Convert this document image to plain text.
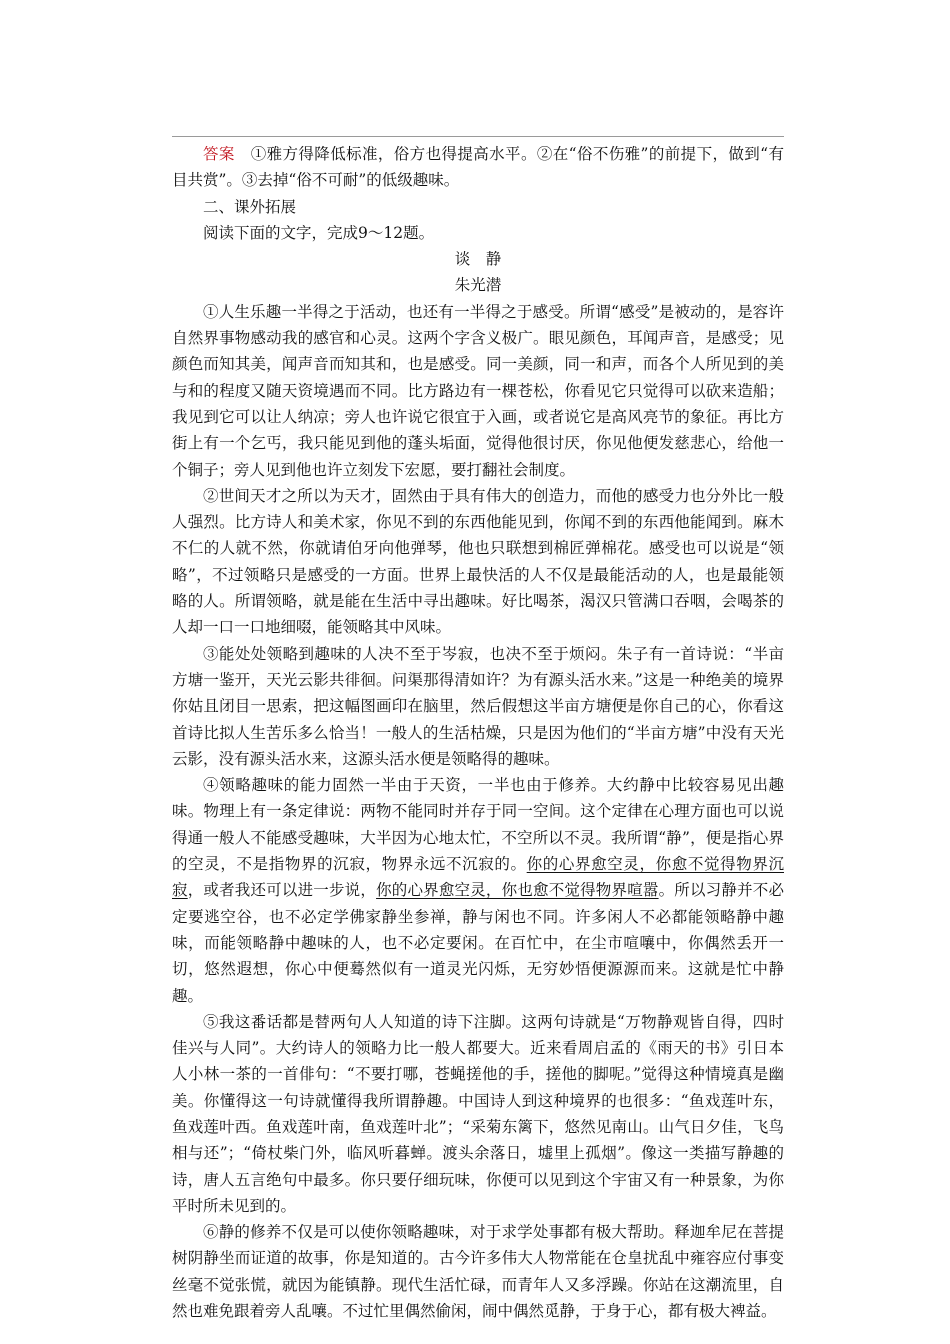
答案　 ①雅方得降低标准，俗方也得提高水平。②在“俗不伤雅”的前提下，做到“有目共赏”。③去掉“俗不可耐”的低级趣味。

二、课外拓展

阅读下面的文字，完成9～12题。

谈　静

朱光潜

①人生乐趣一半得之于活动，也还有一半得之于感受。所谓“感受”是被动的，是容许自然界事物感动我的感官和心灵。这两个字含义极广。眼见颜色，耳闻声音，是感受；见颜色而知其美，闻声音而知其和，也是感受。同一美颜，同一和声，而各个人所见到的美与和的程度又随天资境遇而不同。比方路边有一棵苍松，你看见它只觉得可以砍来造船；我见到它可以让人纳凉；旁人也许说它很宜于入画，或者说它是高风亮节的象征。再比方街上有一个乞丐，我只能见到他的蓬头垢面，觉得他很讨厌，你见他便发慈悲心，给他一个铜子；旁人见到他也许立刻发下宏愿，要打翻社会制度。

②世间天才之所以为天才，固然由于具有伟大的创造力，而他的感受力也分外比一般人强烈。比方诗人和美术家，你见不到的东西他能见到，你闻不到的东西他能闻到。麻木不仁的人就不然，你就请伯牙向他弹琴，他也只联想到棉匠弹棉花。感受也可以说是“领略”，不过领略只是感受的一方面。世界上最快活的人不仅是最能活动的人，也是最能领略的人。所谓领略，就是能在生活中寻出趣味。好比喝茶，渴汉只管满口吞咽，会喝茶的人却一口一口地细啜，能领略其中风味。

③能处处领略到趣味的人决不至于岑寂，也决不至于烦闷。朱子有一首诗说：“半亩方塘一鉴开，天光云影共徘徊。问渠那得清如许？为有源头活水来。”这是一种绝美的境界你姑且闭目一思索，把这幅图画印在脑里，然后假想这半亩方塘便是你自己的心，你看这首诗比拟人生苦乐多么恰当！一般人的生活枯燥，只是因为他们的“半亩方塘”中没有天光云影，没有源头活水来，这源头活水便是领略得的趣味。

④领略趣味的能力固然一半由于天资，一半也由于修养。大约静中比较容易见出趣味。物理上有一条定律说：两物不能同时并存于同一空间。这个定律在心理方面也可以说得通一般人不能感受趣味，大半因为心地太忙，不空所以不灵。我所谓“静”，便是指心界的空灵，不是指物界的沉寂，物界永远不沉寂的。你的心界愈空灵，你愈不觉得物界沉寂，或者我还可以进一步说，你的心界愈空灵，你也愈不觉得物界喧嚣。所以习静并不必定要逃空谷，也不必定学佛家静坐参禅，静与闲也不同。许多闲人不必都能领略静中趣味，而能领略静中趣味的人，也不必定要闲。在百忙中，在尘市喧嚷中，你偶然丢开一切，悠然遐想，你心中便蓦然似有一道灵光闪烁，无穷妙悟便源源而来。这就是忙中静趣。

⑤我这番话都是替两句人人知道的诗下注脚。这两句诗就是“万物静观皆自得，四时佳兴与人同”。大约诗人的领略力比一般人都要大。近来看周启孟的《雨天的书》引日本人小林一茶的一首俳句：“不要打哪，苍蝇搓他的手，搓他的脚呢。”觉得这种情境真是幽美。你懂得这一句诗就懂得我所谓静趣。中国诗人到这种境界的也很多：“鱼戏莲叶东，鱼戏莲叶西。鱼戏莲叶南，鱼戏莲叶北”；“采菊东篱下，悠然见南山。山气日夕佳，飞鸟相与还”；“倚杖柴门外，临风听暮蝉。渡头余落日，墟里上孤烟”。像这一类描写静趣的诗，唐人五言绝句中最多。你只要仔细玩味，你便可以见到这个宇宙又有一种景象，为你平时所未见到的。

⑥静的修养不仅是可以使你领略趣味，对于求学处事都有极大帮助。释迦牟尼在菩提树阴静坐而证道的故事，你是知道的。古今许多伟大人物常能在仓皇扰乱中雍容应付事变丝毫不觉张慌，就因为能镇静。现代生活忙碌，而青年人又多浮躁。你站在这潮流里，自然也难免跟着旁人乱嚷。不过忙里偶然偷闲，闹中偶然觅静，于身于心，都有极大裨益。
